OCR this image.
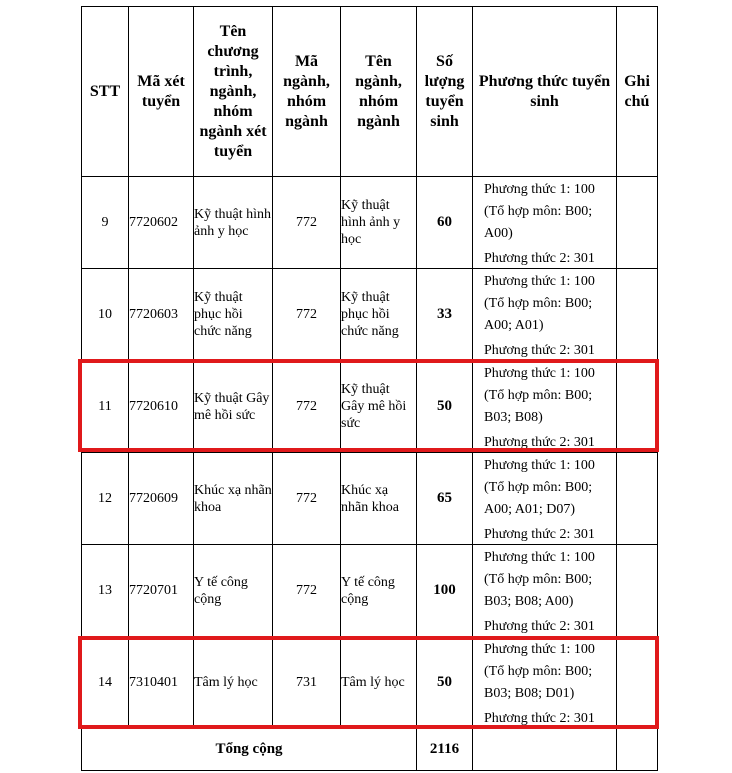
STT	Mã xét tuyển	Tên chương trình, ngành, nhóm ngành xét tuyển	Mã ngành, nhóm ngành	Tên ngành, nhóm ngành	Số lượng tuyển sinh	Phương thức tuyển sinh	Ghi chú
9	7720602	Kỹ thuật hình ảnh y học	772	Kỹ thuật hình ảnh y học	60	Phương thức 1: 100
(Tổ hợp môn: B00; A00)
Phương thức 2: 301	

10	7720603	Kỹ thuật phục hồi chức năng	772	Kỹ thuật phục hồi chức năng	33	Phương thức 1: 100
(Tổ hợp môn: B00; A00; A01)
Phương thức 2: 301	

11	7720610	Kỹ thuật Gây mê hồi sức	772	Kỹ thuật Gây mê hồi sức	50	Phương thức 1: 100
(Tổ hợp môn: B00; B03; B08)
Phương thức 2: 301	

12	7720609	Khúc xạ nhãn khoa	772	Khúc xạ nhãn khoa	65	Phương thức 1: 100
(Tổ hợp môn: B00; A00; A01; D07)
Phương thức 2: 301	

13	7720701	Y tế công cộng	772	Y tế công cộng	100	Phương thức 1: 100
(Tổ hợp môn: B00; B03; B08; A00)
Phương thức 2: 301	

14	7310401	Tâm lý học	731	Tâm lý học	50	Phương thức 1: 100
(Tổ hợp môn: B00; B03; B08; D01)
Phương thức 2: 301	

Tổng cộng					2116		
